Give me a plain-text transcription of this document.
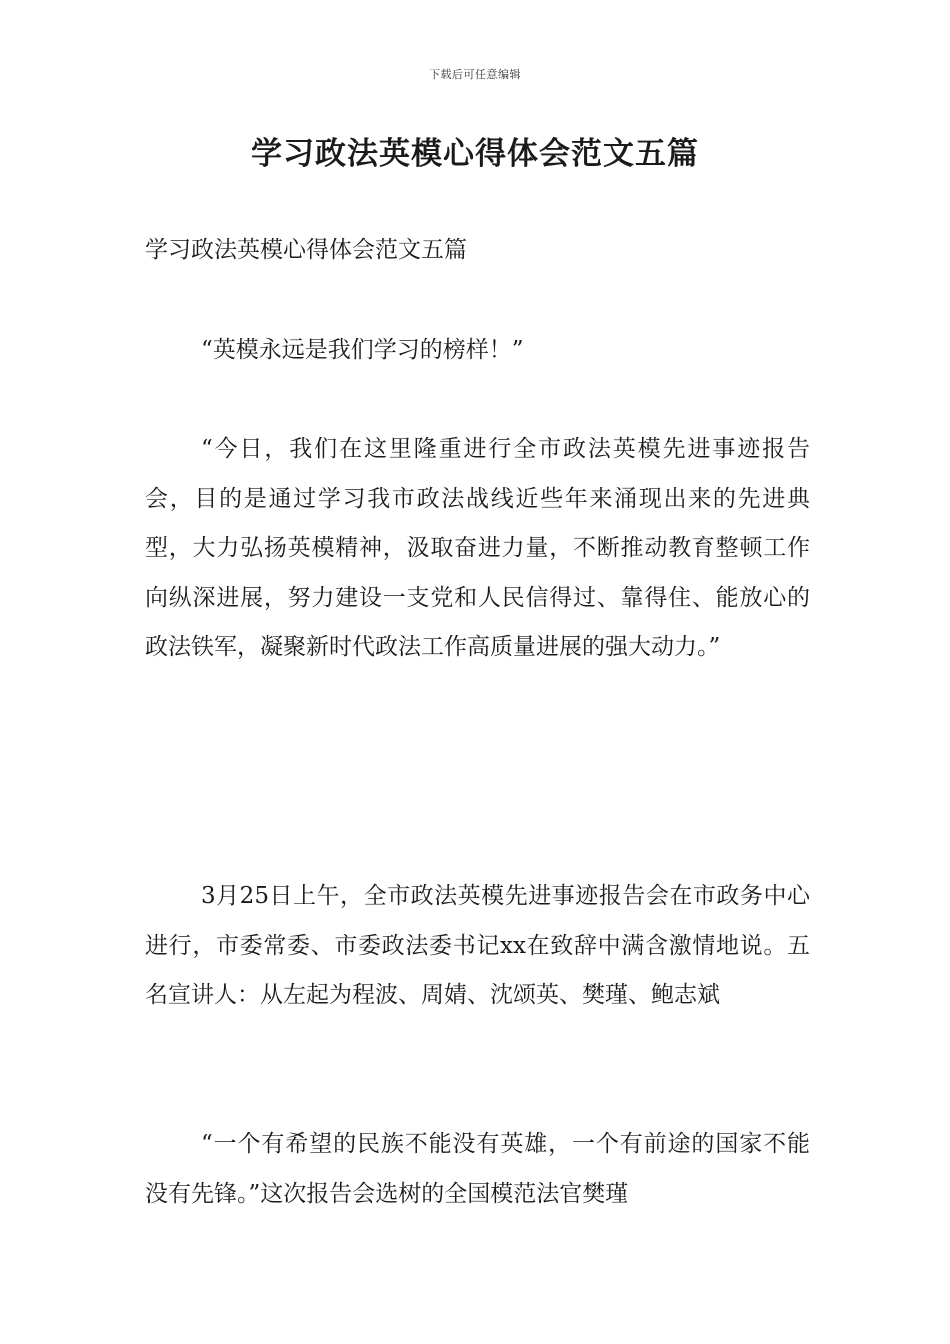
下载后可任意编辑
学习政法英模心得体会范文五篇

学习政法英模心得体会范文五篇

“英模永远是我们学习的榜样！”

“今日，我们在这里隆重进行全市政法英模先进事迹报告会，目的是通过学习我市政法战线近些年来涌现出来的先进典型，大力弘扬英模精神，汲取奋进力量，不断推动教育整顿工作向纵深进展，努力建设一支党和人民信得过、靠得住、能放心的政法铁军，凝聚新时代政法工作高质量进展的强大动力。”

3月25日上午，全市政法英模先进事迹报告会在市政务中心进行，市委常委、市委政法委书记xx在致辞中满含激情地说。五名宣讲人：从左起为程波、周婧、沈颂英、樊瑾、鲍志斌

“一个有希望的民族不能没有英雄，一个有前途的国家不能没有先锋。”这次报告会选树的全国模范法官樊瑾
